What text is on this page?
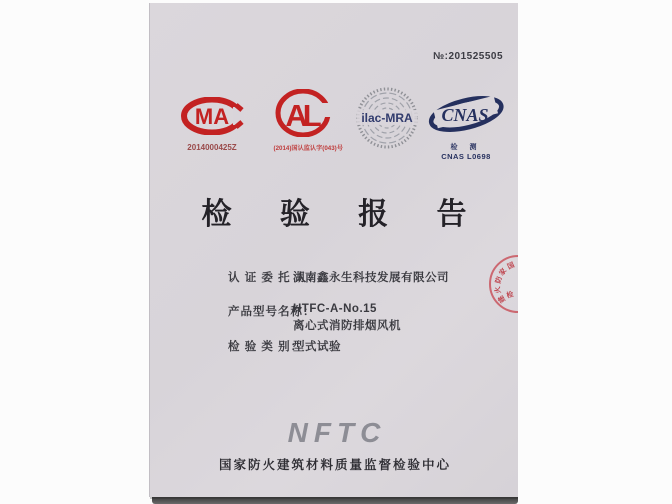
№:201525505
MA
2014000425Z
AL
(2014)国认监认字(043)号
ilac-MRA CNAS
检 测
CNAS L0698
检 验 报 告
认 证 委 托 人：
湖南鑫永生科技发展有限公司
产品型号名称：
HTFC-A-No.15
离心式消防排烟风机
检 验 类 别：
型式试验
国
家
防
火
建
检
NFTC
国家防火建筑材料质量监督检验中心
